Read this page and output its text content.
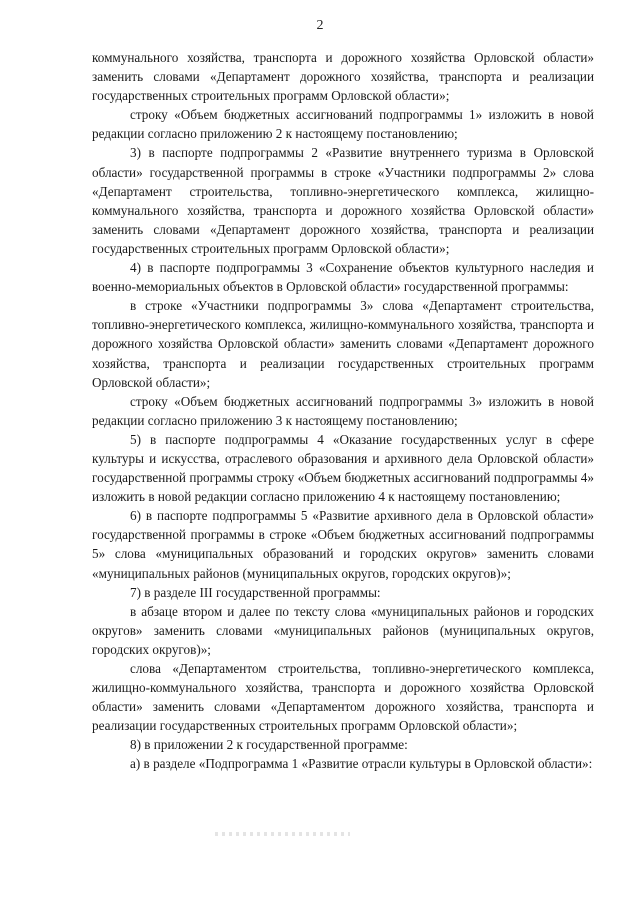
2

коммунального хозяйства, транспорта и дорожного хозяйства Орловской области» заменить словами «Департамент дорожного хозяйства, транспорта и реализации государственных строительных программ Орловской области»;

строку «Объем бюджетных ассигнований подпрограммы 1» изложить в новой редакции согласно приложению 2 к настоящему постановлению;

3) в паспорте подпрограммы 2 «Развитие внутреннего туризма в Орловской области» государственной программы в строке «Участники подпрограммы 2» слова «Департамент строительства, топливно-энергетического комплекса, жилищно-коммунального хозяйства, транспорта и дорожного хозяйства Орловской области» заменить словами «Департамент дорожного хозяйства, транспорта и реализации государственных строительных программ Орловской области»;

4) в паспорте подпрограммы 3 «Сохранение объектов культурного наследия и военно-мемориальных объектов в Орловской области» государственной программы:

в строке «Участники подпрограммы 3» слова «Департамент строительства, топливно-энергетического комплекса, жилищно-коммунального хозяйства, транспорта и дорожного хозяйства Орловской области» заменить словами «Департамент дорожного хозяйства, транспорта и реализации государственных строительных программ Орловской области»;

строку «Объем бюджетных ассигнований подпрограммы 3» изложить в новой редакции согласно приложению 3 к настоящему постановлению;

5) в паспорте подпрограммы 4 «Оказание государственных услуг в сфере культуры и искусства, отраслевого образования и архивного дела Орловской области» государственной программы строку «Объем бюджетных ассигнований подпрограммы 4» изложить в новой редакции согласно приложению 4 к настоящему постановлению;

6) в паспорте подпрограммы 5 «Развитие архивного дела в Орловской области» государственной программы в строке «Объем бюджетных ассигнований подпрограммы 5» слова «муниципальных образований и городских округов» заменить словами «муниципальных районов (муниципальных округов, городских округов)»;

7) в разделе III государственной программы:

в абзаце втором и далее по тексту слова «муниципальных районов и городских округов» заменить словами «муниципальных районов (муниципальных округов, городских округов)»;

слова «Департаментом строительства, топливно-энергетического комплекса, жилищно-коммунального хозяйства, транспорта и дорожного хозяйства Орловской области» заменить словами «Департаментом дорожного хозяйства, транспорта и реализации государственных строительных программ Орловской области»;

8) в приложении 2 к государственной программе:

а) в разделе «Подпрограмма 1 «Развитие отрасли культуры в Орловской области»:
